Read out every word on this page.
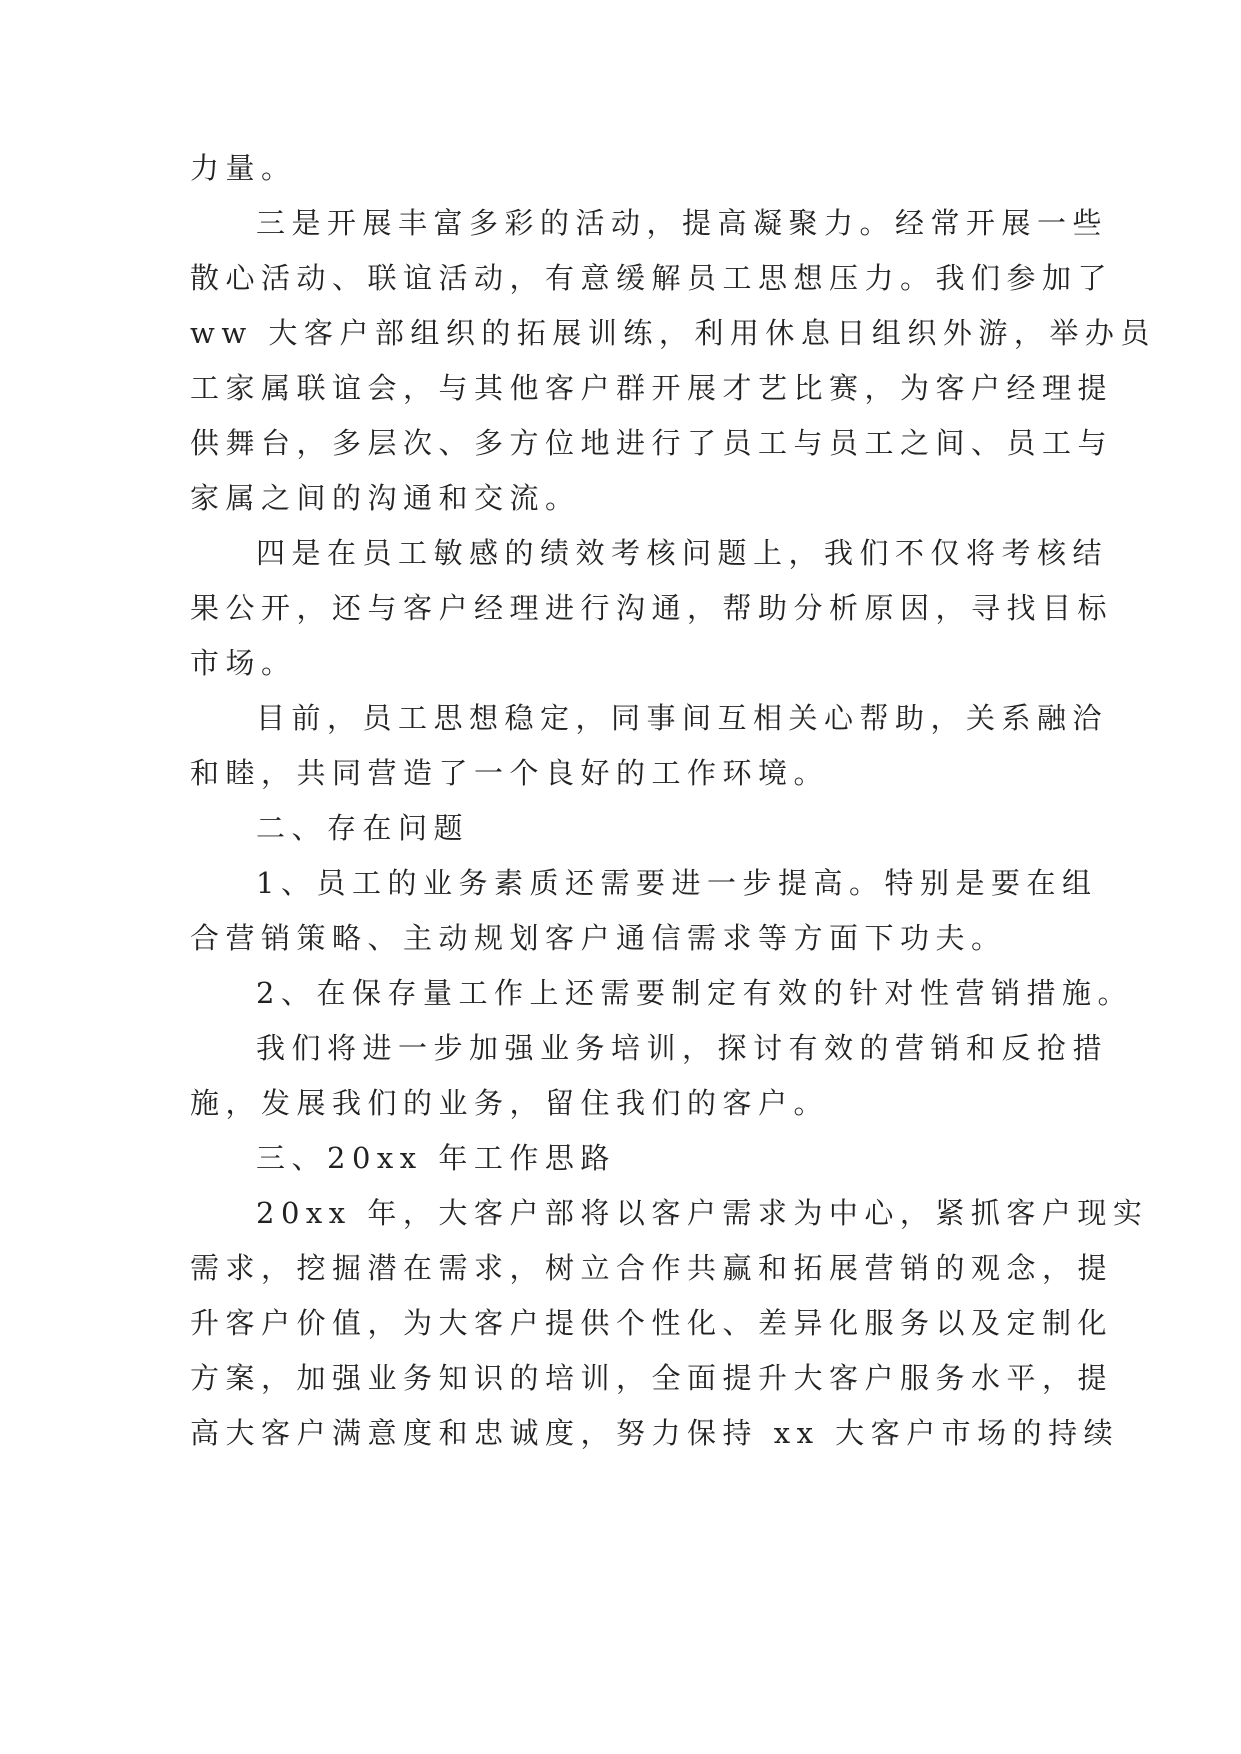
力量。
三是开展丰富多彩的活动，提高凝聚力。经常开展一些
散心活动、联谊活动，有意缓解员工思想压力。我们参加了
ww 大客户部组织的拓展训练，利用休息日组织外游，举办员
工家属联谊会，与其他客户群开展才艺比赛，为客户经理提
供舞台，多层次、多方位地进行了员工与员工之间、员工与
家属之间的沟通和交流。
四是在员工敏感的绩效考核问题上，我们不仅将考核结
果公开，还与客户经理进行沟通，帮助分析原因，寻找目标
市场。
目前，员工思想稳定，同事间互相关心帮助，关系融洽
和睦，共同营造了一个良好的工作环境。
二、存在问题
1、员工的业务素质还需要进一步提高。特别是要在组
合营销策略、主动规划客户通信需求等方面下功夫。
2、在保存量工作上还需要制定有效的针对性营销措施。
我们将进一步加强业务培训，探讨有效的营销和反抢措
施，发展我们的业务，留住我们的客户。
三、20xx 年工作思路
20xx 年，大客户部将以客户需求为中心，紧抓客户现实
需求，挖掘潜在需求，树立合作共赢和拓展营销的观念，提
升客户价值，为大客户提供个性化、差异化服务以及定制化
方案，加强业务知识的培训，全面提升大客户服务水平，提
高大客户满意度和忠诚度，努力保持 xx 大客户市场的持续
